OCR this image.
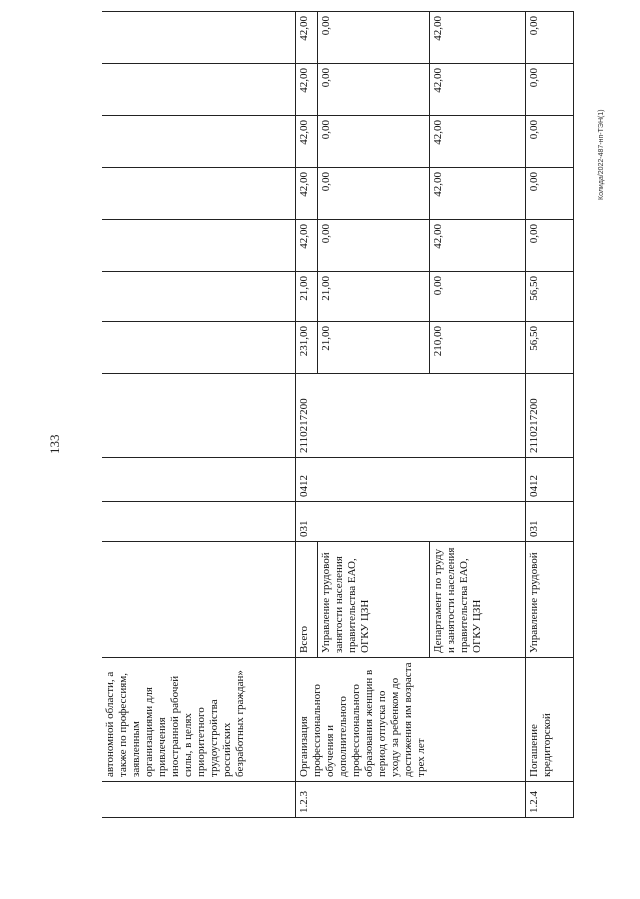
133
Колида/2022-487-нп-ТЭН(1)
	автономной области, а также по профессиям, заявленным организациями для привлечения иностранной рабочей силы, в целях приоритетного трудоустройства российских безработных граждан»											
1.2.3	Организация профессионального обучения и дополнительного профессионального образования женщин в период отпуска по уходу за ребенком до достижения им возраста трех лет	Всего	031	0412	2110217200	231,00	21,00	42,00	42,00	42,00	42,00	42,00
		Управление трудовой занятости населения правительства ЕАО, ОГКУ ЦЗН				21,00	21,00	0,00	0,00	0,00	0,00	0,00
		Департамент по труду и занятости населения правительства ЕАО, ОГКУ ЦЗН				210,00	0,00	42,00	42,00	42,00	42,00	42,00
1.2.4	Погашение кредиторской	Управление трудовой	031	0412	2110217200	56,50	56,50	0,00	0,00	0,00	0,00	0,00
